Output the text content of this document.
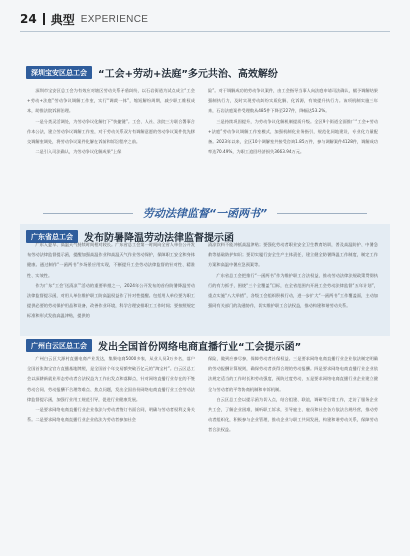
24 典型 EXPERIENCE
深圳宝安区总工会	“工会+劳动+法庭”多元共治、高效解纷

深圳市宝安区总工会为有效应对辖区劳动关系矛盾纠纷，以石岩街道为试点成立“工会+劳动+法庭”劳动争议调解工作室，实行“调裁一体”，缩短解纷周期，减少职工维权成本，助推法院诉源治理。

一是分类灵活调处，为劳动争议化解打下“快捷键”。工会、人社、法院三方联合署事合作本公法，建立劳动争议调解工作室，对于劳动关系双方有调解意愿的劳动争议案件优先移交调解室调处，将劳动争议案件化解在诉前和诉讼程序之前。

二是引入司法确认，为劳动争议化解成果“上保

险”。对于调解成功的劳动争议案件，由工会指导当事人向法庭申请司法确认，赋予调解结果强制执行力，及时实现劳动纠纷实质化解、化诉源，有效提升执行力。该项机制实施三年来，石岩法庭案件受理数从485件下降至227件，降幅达53.2%。

三是持续巩固提升，为劳动争议化解机制提质升级。全区9个街道全面推广“工会+劳动+法庭”劳动争议调解工作室模式，加强机制化业务指引，规范化同地建设，专业化力量配备。2023年以来，全区10个调解室共接受咨询1.85万件，参与调解案件4128件，调解成功率达70.49%，为职工追回经济损失3663.94万元。

劳动法律监督“一函两书”
广东省总工会	发布防暑降温劳动法律监督提示函

广东入夏早、高温天气持续时间相对较长。广东省总工会第一时间向全省人单位公开发布劳动法律监督提示函，提醒加强高温作业和高温天气作业劳动保护，保障职工安全和身体健康。通过制作“一函两书”多场景应用实现，不断提升工会劳动法律监督的针对性、精准性、实效性。

作为广东“工会‘送清凉’”活动的重要举措之一，2024年公开发布的首份防暑降温劳动法律监督提示函，对用人单位维护职工防高温权益作了针对性提醒。包括用人单位要为职工提供必要的劳动保护用品和设备，改善作业环境，科学合理安排职工工作时间；要按照规定标准和形式发放高温津贴，提供的

清凉饮料不能冲抵高温津贴；要强化劳动者职业安全卫生教育培训，普及高温防护、中暑急救等基础防护知识；要切实履行安全生产主体责任，建立健全防暑降温工作制度，制定工作方案和高温中暑应急预案等。

广东省总工会把推行“一函两书”作为维护职工合法权益、推动劳动法律法规政策贯彻执行的有力抓手，围绕“三个全覆盖”目标，在全省范围内开展工会劳动法律监督“五年计划”，重点实施“八大举措”，各级工会组织积极行动，进一步扩大“一函两书”工作覆盖面，主动加强同有关部门的沟通协作，切实维护职工合法权益，推动构建和谐劳动关系。

广州白云区总工会	发出全国首份网络电商直播行业“工会提示函”

广州白云区大源村直播电商产业发达，集聚电商5000多家，从业人员3万多名，落户全国首张淘宝官方直播基地牌照，是全国首个年交易额突破百亿元的“淘宝村”。白云区总工会以深耕新就业形态劳动者合法权益为工作出发点和落脚点，针对网络直播行业存在的不签劳动合同、劳动报酬不合理等难点、焦点问题，发出全国首份网络电商直播行业工会劳动法律监督提示函，加强行业用工规范引导，促进行业健康发展。

一是要求网络电商直播行业企业依法与劳动者签订书面合同，明确与劳动者权利义务关系。二是要求网络电商直播行业企业依法为劳动者参加社会

保险，做到应参尽参，保障劳动者社保权益。三是要求网络电商直播行业企业依法制定明确的劳动报酬计算规则，确保劳动者获得合理的劳动报酬。四是要求网络电商直播行业企业依法规定适当的工作时长和劳动强度，预防过度劳动，五是要求网络电商直播行业企业建立健全与劳动者的平等协商机制和申诉机制。

白云区总工会以提示函为切入点，结合组建、联谊，调研等日常工作，走访了服务企业共工会，了解企业困难，倾听职工诉求，引导雇主、雇员和社会各方依法合规经营，推动劳动者组织化，积极参与企业管理，推动企业与职工共同发展，构建和谐劳动关系，保障劳动者合法权益。
